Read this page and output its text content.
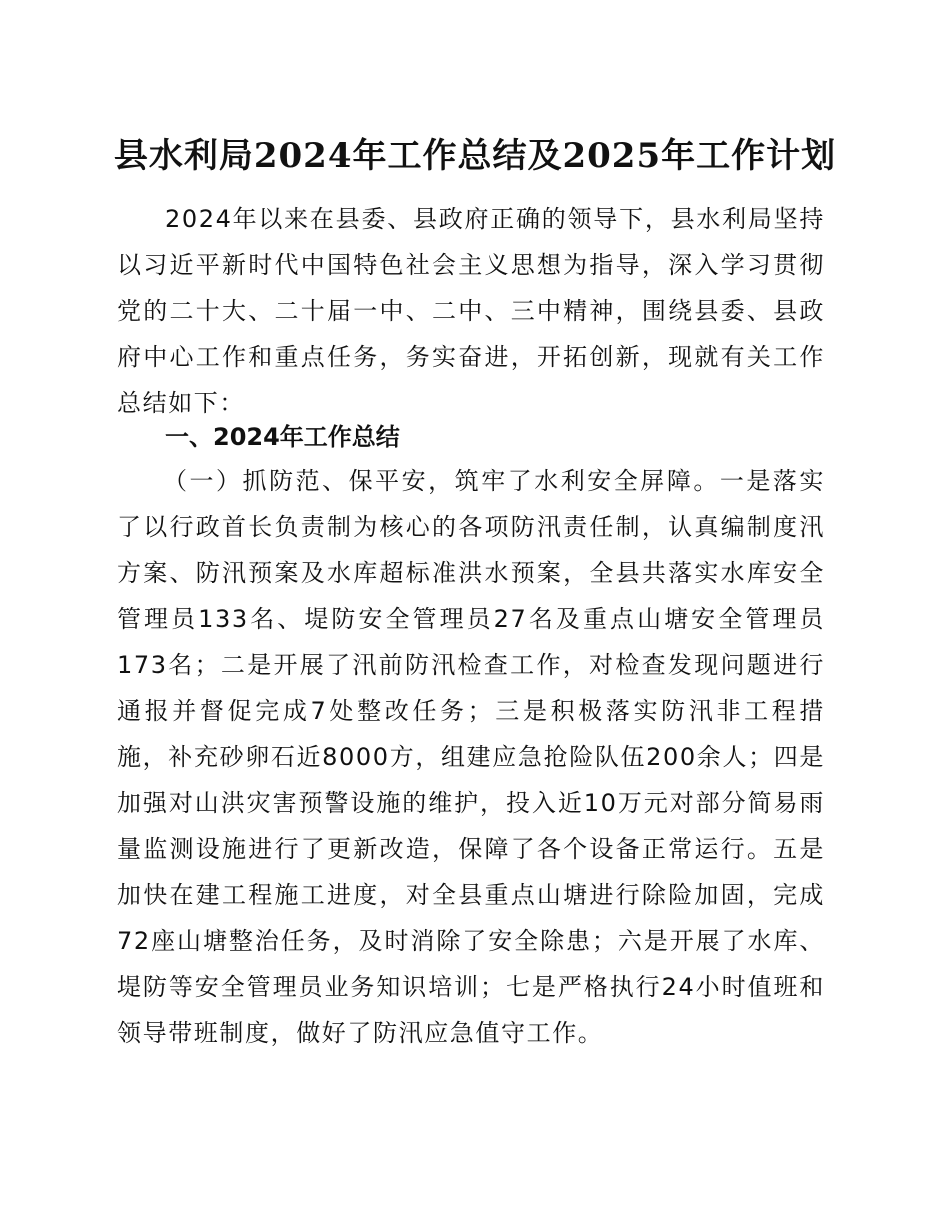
县水利局2024年工作总结及2025年工作计划

2024年以来在县委、县政府正确的领导下，县水利局坚持以习近平新时代中国特色社会主义思想为指导，深入学习贯彻党的二十大、二十届一中、二中、三中精神，围绕县委、县政府中心工作和重点任务，务实奋进，开拓创新，现就有关工作总结如下：

一、2024年工作总结

（一）抓防范、保平安，筑牢了水利安全屏障。一是落实了以行政首长负责制为核心的各项防汛责任制，认真编制度汛方案、防汛预案及水库超标准洪水预案，全县共落实水库安全管理员133名、堤防安全管理员27名及重点山塘安全管理员173名；二是开展了汛前防汛检查工作，对检查发现问题进行通报并督促完成7处整改任务；三是积极落实防汛非工程措施，补充砂卵石近8000方，组建应急抢险队伍200余人；四是加强对山洪灾害预警设施的维护，投入近10万元对部分简易雨量监测设施进行了更新改造，保障了各个设备正常运行。五是加快在建工程施工进度，对全县重点山塘进行除险加固，完成72座山塘整治任务，及时消除了安全除患；六是开展了水库、堤防等安全管理员业务知识培训；七是严格执行24小时值班和领导带班制度，做好了防汛应急值守工作。
